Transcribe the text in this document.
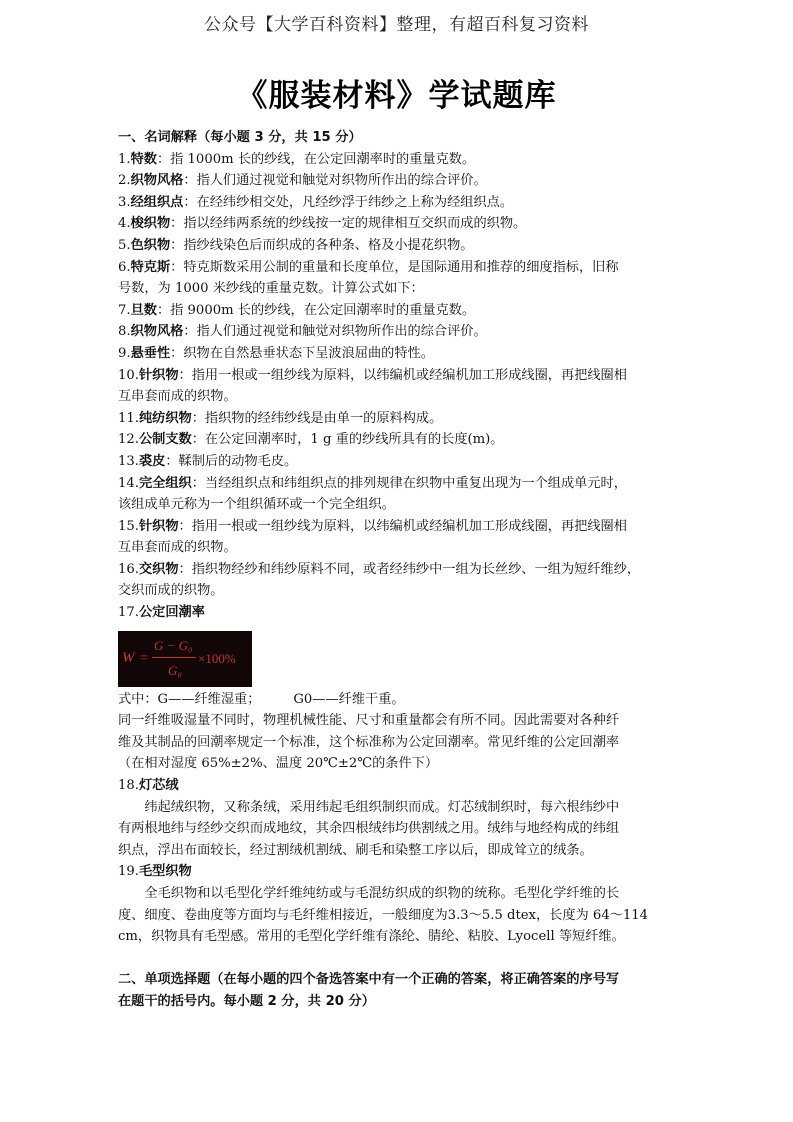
公众号【大学百科资料】整理，有超百科复习资料
《服装材料》学试题库
一、名词解释（每小题 3 分，共 15 分）
1.特数：指 1000m 长的纱线，在公定回潮率时的重量克数。
2.织物风格：指人们通过视觉和触觉对织物所作出的综合评价。
3.经组织点：在经纬纱相交处，凡经纱浮于纬纱之上称为经组织点。
4.梭织物：指以经纬两系统的纱线按一定的规律相互交织而成的织物。
5.色织物：指纱线染色后而织成的各种条、格及小提花织物。
6.特克斯：特克斯数采用公制的重量和长度单位，是国际通用和推荐的细度指标，旧称
号数，为 1000 米纱线的重量克数。计算公式如下：
7.旦数：指 9000m 长的纱线，在公定回潮率时的重量克数。
8.织物风格：指人们通过视觉和触觉对织物所作出的综合评价。
9.悬垂性：织物在自然悬垂状态下呈波浪屈曲的特性。
10.针织物：指用一根或一组纱线为原料，以纬编机或经编机加工形成线圈，再把线圈相
互串套而成的织物。
11.纯纺织物：指织物的经纬纱线是由单一的原料构成。
12.公制支数：在公定回潮率时，1 g 重的纱线所具有的长度(m)。
13.裘皮：鞣制后的动物毛皮。
14.完全组织：当经组织点和纬组织点的排列规律在织物中重复出现为一个组成单元时，
该组成单元称为一个组织循环或一个完全组织。
15.针织物：指用一根或一组纱线为原料，以纬编机或经编机加工形成线圈，再把线圈相
互串套而成的织物。
16.交织物：指织物经纱和纬纱原料不同，或者经纬纱中一组为长丝纱、一组为短纤维纱，
交织而成的织物。
17.公定回潮率
W =
G − G₀
G₀
×100%
式中：G——纤维湿重；　　　G0——纤维干重。
同一纤维吸湿量不同时，物理机械性能、尺寸和重量都会有所不同。因此需要对各种纤
维及其制品的回潮率规定一个标准，这个标准称为公定回潮率。常见纤维的公定回潮率
（在相对湿度 65%±2%、温度 20℃±2℃的条件下）
18.灯芯绒
纬起绒织物，又称条绒，采用纬起毛组织制织而成。灯芯绒制织时，每六根纬纱中
有两根地纬与经纱交织而成地纹，其余四根绒纬均供割绒之用。绒纬与地经构成的纬组
织点，浮出布面较长，经过割绒机割绒、刷毛和染整工序以后，即成耸立的绒条。
19.毛型织物
全毛织物和以毛型化学纤维纯纺或与毛混纺织成的织物的统称。毛型化学纤维的长
度、细度、卷曲度等方面均与毛纤维相接近，一般细度为3.3～5.5 dtex，长度为 64～114
cm，织物具有毛型感。常用的毛型化学纤维有涤纶、腈纶、粘胶、Lyocell 等短纤维。
二、单项选择题（在每小题的四个备选答案中有一个正确的答案，将正确答案的序号写
在题干的括号内。每小题 2 分，共 20 分）
